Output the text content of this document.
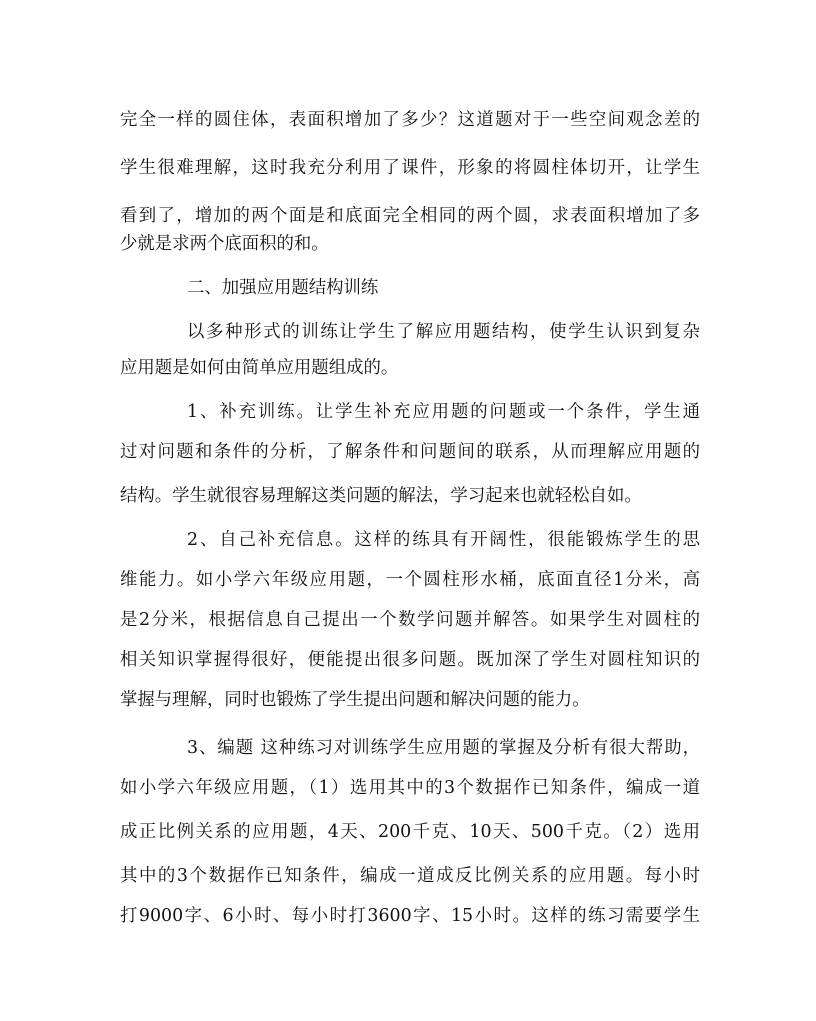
完全一样的圆住体，表面积增加了多少？这道题对于一些空间观念差的
学生很难理解，这时我充分利用了课件，形象的将圆柱体切开，让学生
看到了，增加的两个面是和底面完全相同的两个圆，求表面积增加了多
少就是求两个底面积的和。
二、加强应用题结构训练
以多种形式的训练让学生了解应用题结构，使学生认识到复杂
应用题是如何由简单应用题组成的。
1、补充训练。让学生补充应用题的问题或一个条件，学生通
过对问题和条件的分析，了解条件和问题间的联系，从而理解应用题的
结构。学生就很容易理解这类问题的解法，学习起来也就轻松自如。
2、自己补充信息。这样的练具有开阔性，很能锻炼学生的思
维能力。如小学六年级应用题，一个圆柱形水桶，底面直径1分米，高
是2分米，根据信息自己提出一个数学问题并解答。如果学生对圆柱的
相关知识掌握得很好，便能提出很多问题。既加深了学生对圆柱知识的
掌握与理解，同时也锻炼了学生提出问题和解决问题的能力。
3、编题 这种练习对训练学生应用题的掌握及分析有很大帮助，
如小学六年级应用题，（1）选用其中的3个数据作已知条件，编成一道
成正比例关系的应用题，4天、200千克、10天、500千克。（2）选用
其中的3个数据作已知条件，编成一道成反比例关系的应用题。每小时
打9000字、6小时、每小时打3600字、15小时。这样的练习需要学生
